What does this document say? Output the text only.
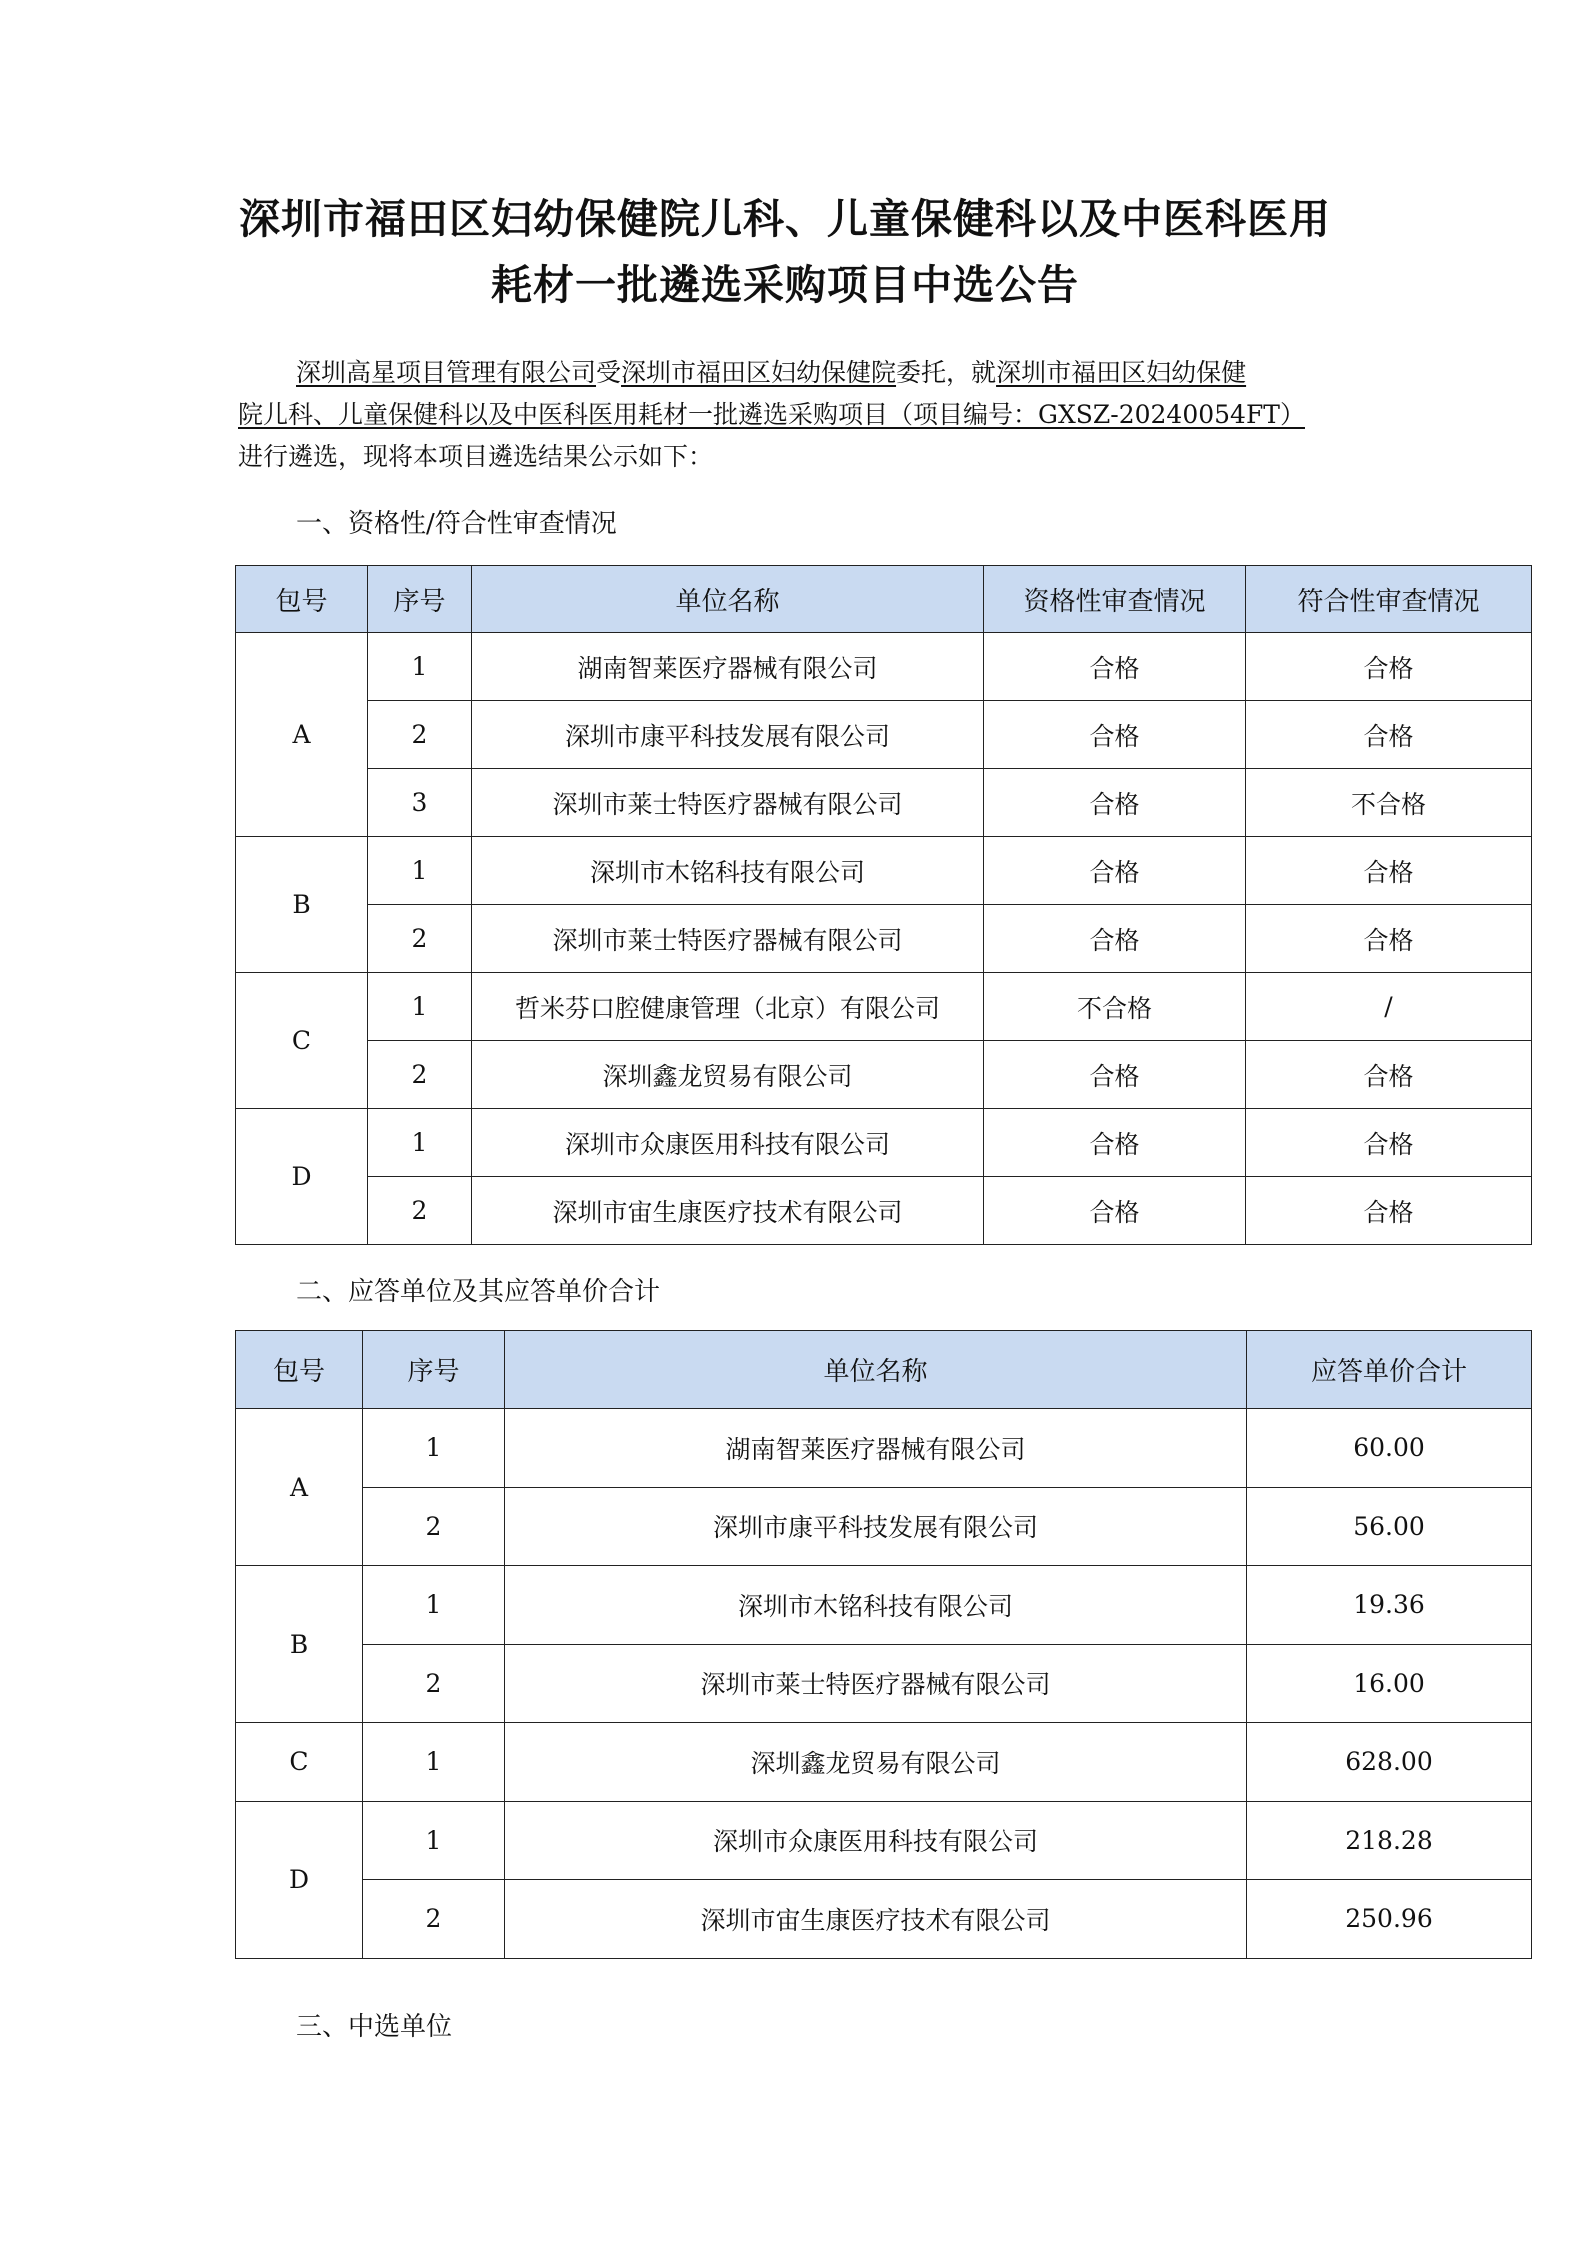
深圳市福田区妇幼保健院儿科、儿童保健科以及中医科医用
耗材一批遴选采购项目中选公告
深圳高星项目管理有限公司受深圳市福田区妇幼保健院委托，就深圳市福田区妇幼保健
院儿科、儿童保健科以及中医科医用耗材一批遴选采购项目（项目编号：GXSZ-20240054FT）
进行遴选，现将本项目遴选结果公示如下：
一、资格性/符合性审查情况
包号	序号	单位名称	资格性审查情况	符合性审查情况
A	1	湖南智莱医疗器械有限公司	合格	合格
	2	深圳市康平科技发展有限公司	合格	合格
	3	深圳市莱士特医疗器械有限公司	合格	不合格
B	1	深圳市木铭科技有限公司	合格	合格
	2	深圳市莱士特医疗器械有限公司	合格	合格
C	1	哲米芬口腔健康管理（北京）有限公司	不合格	/
	2	深圳鑫龙贸易有限公司	合格	合格
D	1	深圳市众康医用科技有限公司	合格	合格
	2	深圳市宙生康医疗技术有限公司	合格	合格
二、应答单位及其应答单价合计
包号	序号	单位名称	应答单价合计
A	1	湖南智莱医疗器械有限公司	60.00
	2	深圳市康平科技发展有限公司	56.00
B	1	深圳市木铭科技有限公司	19.36
	2	深圳市莱士特医疗器械有限公司	16.00
C	1	深圳鑫龙贸易有限公司	628.00
D	1	深圳市众康医用科技有限公司	218.28
	2	深圳市宙生康医疗技术有限公司	250.96
三、中选单位
